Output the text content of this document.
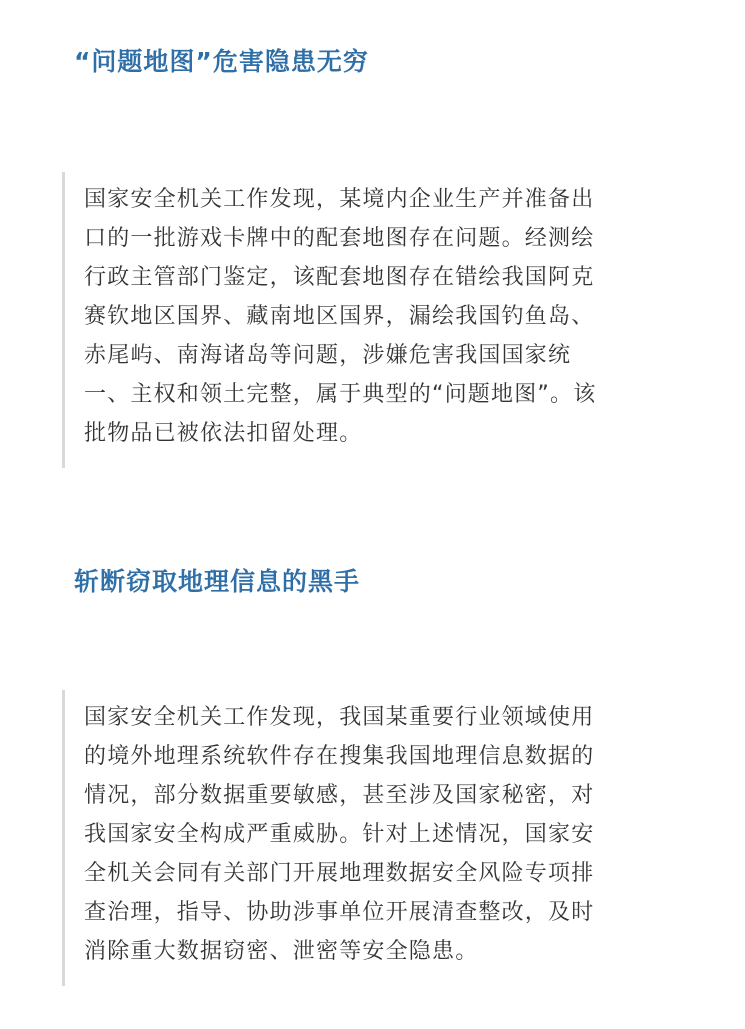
“问题地图”危害隐患无穷

国家安全机关工作发现，某境内企业生产并准备出
口的一批游戏卡牌中的配套地图存在问题。经测绘
行政主管部门鉴定，该配套地图存在错绘我国阿克
赛钦地区国界、藏南地区国界，漏绘我国钓鱼岛、
赤尾屿、南海诸岛等问题，涉嫌危害我国国家统
一、主权和领土完整，属于典型的“问题地图”。该
批物品已被依法扣留处理。

斩断窃取地理信息的黑手

国家安全机关工作发现，我国某重要行业领域使用
的境外地理系统软件存在搜集我国地理信息数据的
情况，部分数据重要敏感，甚至涉及国家秘密，对
我国家安全构成严重威胁。针对上述情况，国家安
全机关会同有关部门开展地理数据安全风险专项排
查治理，指导、协助涉事单位开展清查整改，及时
消除重大数据窃密、泄密等安全隐患。
